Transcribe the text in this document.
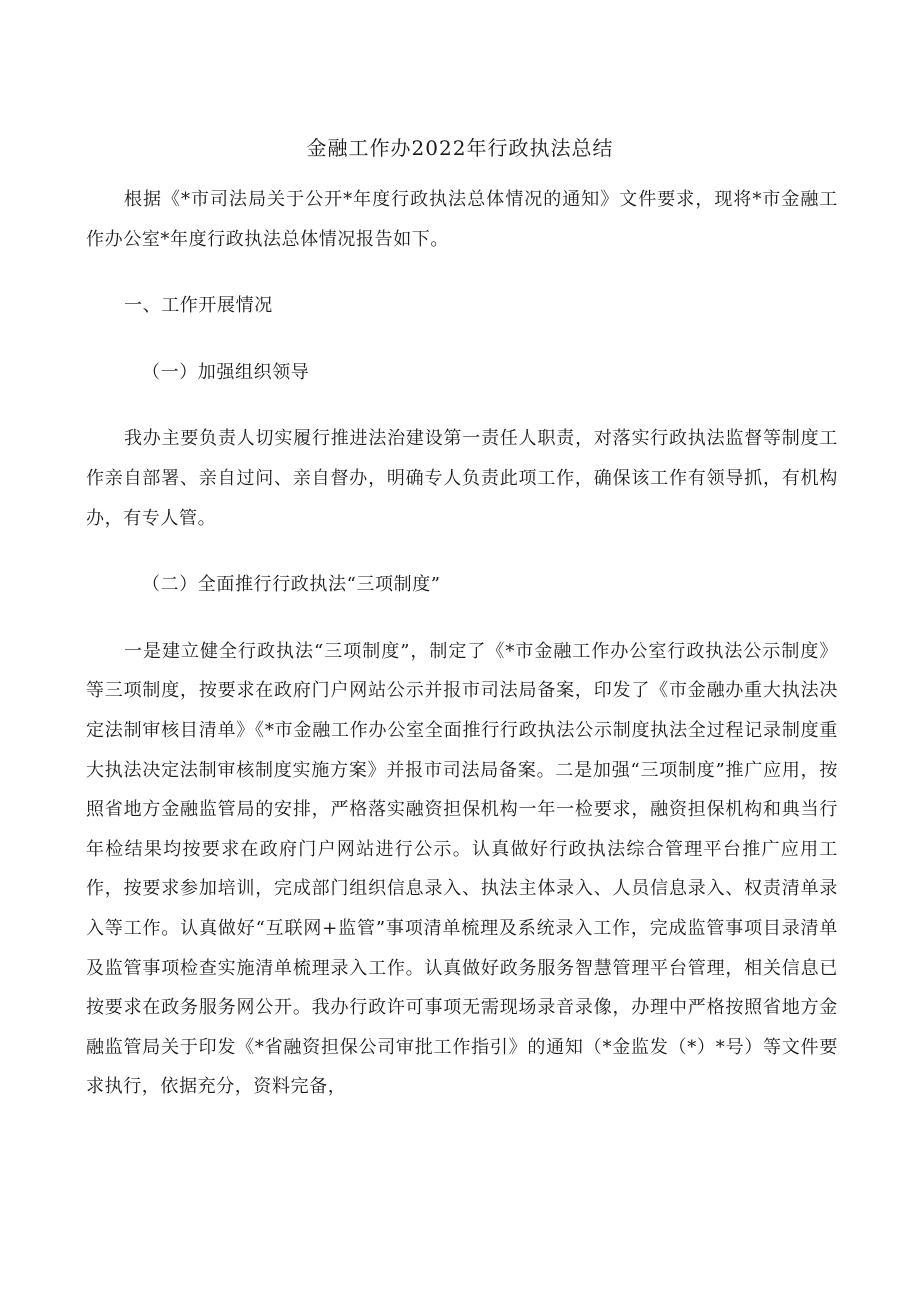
金融工作办2022年行政执法总结

根据《*市司法局关于公开*年度行政执法总体情况的通知》文件要求，现将*市金融工作办公室*年度行政执法总体情况报告如下。

一、工作开展情况

（一）加强组织领导

我办主要负责人切实履行推进法治建设第一责任人职责，对落实行政执法监督等制度工作亲自部署、亲自过问、亲自督办，明确专人负责此项工作，确保该工作有领导抓，有机构办，有专人管。

（二）全面推行行政执法“三项制度”

一是建立健全行政执法“三项制度”，制定了《*市金融工作办公室行政执法公示制度》等三项制度，按要求在政府门户网站公示并报市司法局备案，印发了《市金融办重大执法决定法制审核目清单》《*市金融工作办公室全面推行行政执法公示制度执法全过程记录制度重大执法决定法制审核制度实施方案》并报市司法局备案。二是加强“三项制度”推广应用，按照省地方金融监管局的安排，严格落实融资担保机构一年一检要求，融资担保机构和典当行年检结果均按要求在政府门户网站进行公示。认真做好行政执法综合管理平台推广应用工作，按要求参加培训，完成部门组织信息录入、执法主体录入、人员信息录入、权责清单录入等工作。认真做好“互联网+监管”事项清单梳理及系统录入工作，完成监管事项目录清单及监管事项检查实施清单梳理录入工作。认真做好政务服务智慧管理平台管理，相关信息已按要求在政务服务网公开。我办行政许可事项无需现场录音录像，办理中严格按照省地方金融监管局关于印发《*省融资担保公司审批工作指引》的通知（*金监发（*）*号）等文件要求执行，依据充分，资料完备，
